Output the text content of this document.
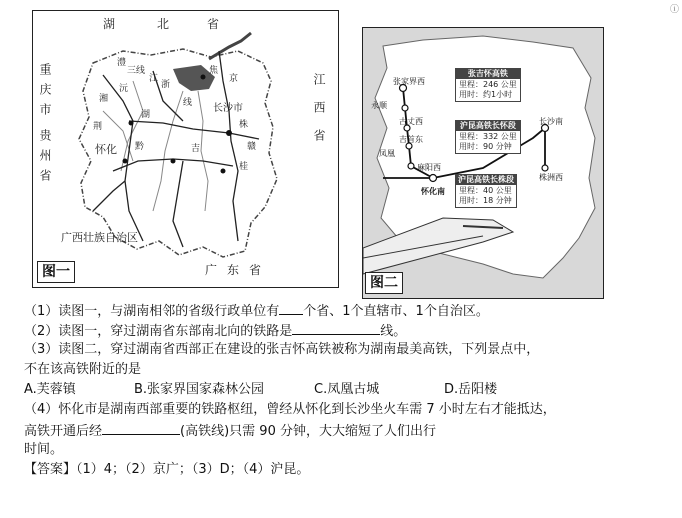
ⓘ
湖	北	省
重庆市
贵州省
江西省
广西壮族自治区
广东省
三线
澧
沅
江
湘
京
长沙市
株
黔	吉
怀化
浙
赣
线
荆
桂
焦
湖
图一
张家界西
永顺
古丈西
吉首东
凤凰
麻阳西
怀化南
长沙南
株洲西
张吉怀高铁
里程：246 公里
用时：约1小时
沪昆高铁长怀段
里程：332 公里
用时：90 分钟
沪昆高铁长株段
里程：40 公里
用时：18 分钟
图二
（1）读图一，与湖南相邻的省级行政单位有 个省、1个直辖市、1个自治区。
（2）读图一，穿过湖南省东部南北向的铁路是	线。
（3）读图二，穿过湖南省西部正在建设的张吉怀高铁被称为湖南最美高铁，下列景点中，
不在该高铁附近的是
A.芙蓉镇	B.张家界国家森林公园	C.凤凰古城	D.岳阳楼
（4）怀化市是湖南西部重要的铁路枢纽，曾经从怀化到长沙坐火车需 7 小时左右才能抵达，
高铁开通后经	(高铁线)只需 90 分钟，大大缩短了人们出行
时间。
【答案】（1）4；（2）京广；（3）D；（4）沪昆。
